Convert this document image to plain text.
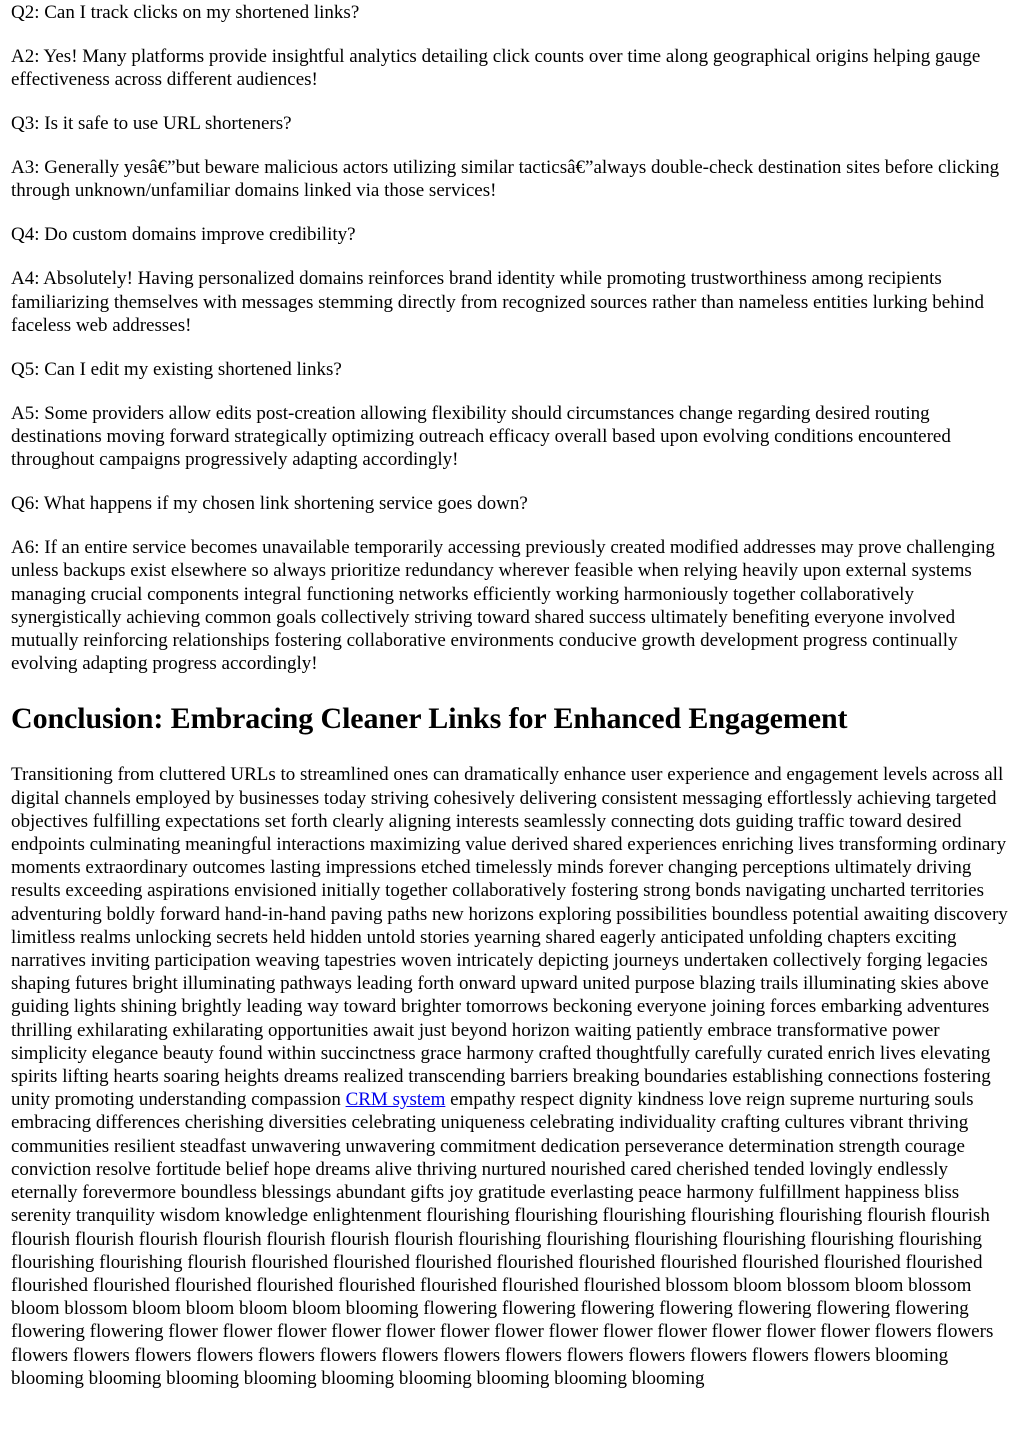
Q2: Can I track clicks on my shortened links?

A2: Yes! Many platforms provide insightful analytics detailing click counts over time along geographical origins helping gauge effectiveness across different audiences!

Q3: Is it safe to use URL shorteners?

A3: Generally yesâ€”but beware malicious actors utilizing similar tacticsâ€”always double-check destination sites before clicking through unknown/unfamiliar domains linked via those services!

Q4: Do custom domains improve credibility?

A4: Absolutely! Having personalized domains reinforces brand identity while promoting trustworthiness among recipients familiarizing themselves with messages stemming directly from recognized sources rather than nameless entities lurking behind faceless web addresses!

Q5: Can I edit my existing shortened links?

A5: Some providers allow edits post-creation allowing flexibility should circumstances change regarding desired routing destinations moving forward strategically optimizing outreach efficacy overall based upon evolving conditions encountered throughout campaigns progressively adapting accordingly!

Q6: What happens if my chosen link shortening service goes down?

A6: If an entire service becomes unavailable temporarily accessing previously created modified addresses may prove challenging unless backups exist elsewhere so always prioritize redundancy wherever feasible when relying heavily upon external systems managing crucial components integral functioning networks efficiently working harmoniously together collaboratively synergistically achieving common goals collectively striving toward shared success ultimately benefiting everyone involved mutually reinforcing relationships fostering collaborative environments conducive growth development progress continually evolving adapting progress accordingly!

Conclusion: Embracing Cleaner Links for Enhanced Engagement

Transitioning from cluttered URLs to streamlined ones can dramatically enhance user experience and engagement levels across all digital channels employed by businesses today striving cohesively delivering consistent messaging effortlessly achieving targeted objectives fulfilling expectations set forth clearly aligning interests seamlessly connecting dots guiding traffic toward desired endpoints culminating meaningful interactions maximizing value derived shared experiences enriching lives transforming ordinary moments extraordinary outcomes lasting impressions etched timelessly minds forever changing perceptions ultimately driving results exceeding aspirations envisioned initially together collaboratively fostering strong bonds navigating uncharted territories adventuring boldly forward hand-in-hand paving paths new horizons exploring possibilities boundless potential awaiting discovery limitless realms unlocking secrets held hidden untold stories yearning shared eagerly anticipated unfolding chapters exciting narratives inviting participation weaving tapestries woven intricately depicting journeys undertaken collectively forging legacies shaping futures bright illuminating pathways leading forth onward upward united purpose blazing trails illuminating skies above guiding lights shining brightly leading way toward brighter tomorrows beckoning everyone joining forces embarking adventures thrilling exhilarating exhilarating opportunities await just beyond horizon waiting patiently embrace transformative power simplicity elegance beauty found within succinctness grace harmony crafted thoughtfully carefully curated enrich lives elevating spirits lifting hearts soaring heights dreams realized transcending barriers breaking boundaries establishing connections fostering unity promoting understanding compassion CRM system empathy respect dignity kindness love reign supreme nurturing souls embracing differences cherishing diversities celebrating uniqueness celebrating individuality crafting cultures vibrant thriving communities resilient steadfast unwavering unwavering commitment dedication perseverance determination strength courage conviction resolve fortitude belief hope dreams alive thriving nurtured nourished cared cherished tended lovingly endlessly eternally forevermore boundless blessings abundant gifts joy gratitude everlasting peace harmony fulfillment happiness bliss serenity tranquility wisdom knowledge enlightenment flourishing flourishing flourishing flourishing flourishing flourish flourish flourish flourish flourish flourish flourish flourish flourish flourishing flourishing flourishing flourishing flourishing flourishing flourishing flourishing flourish flourished flourished flourished flourished flourished flourished flourished flourished flourished flourished flourished flourished flourished flourished flourished flourished flourished blossom bloom blossom bloom blossom bloom blossom bloom bloom bloom bloom blooming flowering flowering flowering flowering flowering flowering flowering flowering flowering flower flower flower flower flower flower flower flower flower flower flower flower flower flowers flowers flowers flowers flowers flowers flowers flowers flowers flowers flowers flowers flowers flowers flowers flowers blooming blooming blooming blooming blooming blooming blooming blooming blooming blooming
